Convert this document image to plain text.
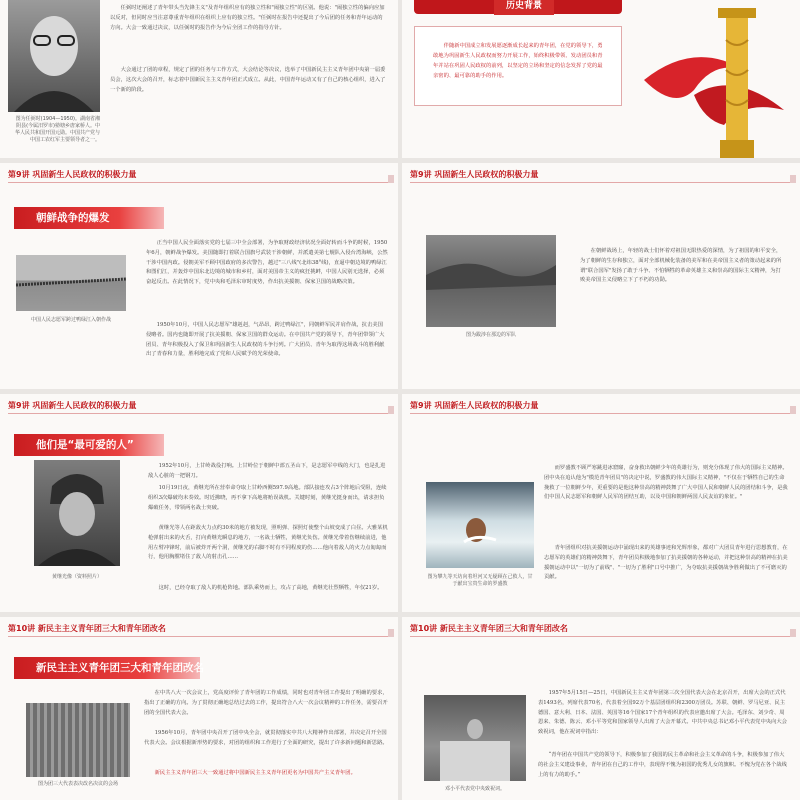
图为任弼时(1904—1950)。湖南省湘阴县(今属汨罗市)塾塘乡唐家桥人。中华人民共和国开国元勋。中国共产党与中国工农红军主要领导者之一。
任弼时还阐述了青年带头当先锋主义"及青年组织应有的独立性和"闹独立性"的区别。他说："闹独立性的偏向应加以反对，但同时应当注意尊重青年组织在组织上应有的独立性。"任弼时在报告中还提出了今后团的任务和青年运动的方向。大会一致通过决议，以任弼时的报告作为今后全团工作的指导方针。
大会通过了团的章程，规定了团的任务与工作方式，大会结论等决议，选举了中国新民主主义青年团中央第一届委员会，这次大会的召开，标志着中国新民主主义青年团正式成立。从此，中国青年运动又有了自己的核心组织，进入了一个新的阶段。
历史背景
伴随新中国成立和发展愿逐渐成长起来的青年团，在党的领导下，勇敢地为巩固新生人民政权而努力开展工作，始终积极带领、发动团员和青年并站在巩固人民政权的前列，以坚定的立场和坚定的信念发挥了党的最亲密的、最可靠的助手的作用。
第9讲 巩固新生人民政权的积极力量
朝鲜战争的爆发
中国人民志愿军跨过鸭绿江入朝作战
正当中国人民全面落实党的七届三中全会部署，为争取财政经济状况全面好转而斗争的时候，1950年6月，朝鲜战争爆发。美国随即打着联合国旗号武装干涉朝鲜，并派遣美第七舰队入侵台湾海峡，公然干涉中国内政。侵朝美军不顾中国政府的多次警告，越过"三八线"(北纬38°线)，直逼中朝边境的鸭绿江和图们江，并轰炸中国东北边境的城市和乡村，面对美国帝主义的疯狂挑衅，中国人民别无选择，必须奋起反击。在此情况下，党中央和毛泽东审时度势，作出抗美援朝、保家卫国的战略决策。
1950年10月，中国人民志愿军"雄赳赳，气昂昂，跨过鸭绿江"，同朝鲜军民并肩作战，抗击美国侵略者。国内也随即开展了抗美援朝、保家卫国的群众运动。在中国共产党的领导下，青年团带领广大团员、青年积极投入了保卫和巩固新生人民政权的斗争行列。广大团员、青年为取得这场战斗的胜利献出了青春和力量，胜利地完成了党和人民赋予的光荣使命。
第9讲 巩固新生人民政权的积极力量
图为跋涉在那边的军队
在朝鲜战场上，年轻的战士们怀着对祖国无限热爱的深情，为了祖国的和平安全，为了朝鲜的生存和独立，面对全部机械化装备的美军和在美帝国主义者的策动起来的所谓"联合国军"发扬了敢于斗争、不怕牺牲的革命英雄主义和崇高的国际主义精神，为打败美帝国主义侵略立下了不朽的功勋。
第9讲 巩固新生人民政权的积极力量
他们是“最可爱的人”
黄继光像（资料照片）
1952年10月，上甘岭战役打响。上甘岭位于朝鲜中部五圣山下，是志愿军中线的大门，也是扎进敌人心脏的一把钢刀。
10月19日夜，黄继光所在营奉命夺取上甘岭西侧597.9高地。部队接连攻占3个阵地后受阻，连续组织3次爆破均未奏效。时近拂晓，再不拿下高地将贻误战机。关键时刻，黄继光挺身而出，请求担负爆破任务，带领两名战士突破。
黄继光等人在距敌火力点约30米的地方被发现，照明弹、探照灯使整个山坡变成了白昼。大雅某机枪弹射出来的火舌，打向黄继光瞬息的地方，一名战士牺牲，黄继光负伤。黄继光带着伤继续前进，他用左臂冲锋时，前后被炸开两个洞，黄继光的右脚不时有不同程度的伤……他向着敌人的火力点匍匐而行，他用胸膛堵住了敌人的射击孔……
这时，已经夺取了敌人的机枪阵地。部队乘势而上，攻占了高地，黄继光壮烈牺牲，年仅21岁。
第9讲 巩固新生人民政权的积极力量
图为攀九等天坊向着坦河又无疑顾在己救人，甘于献出宝贵生命的罗盛教
而罗盛教不顾严寒跳进冰窟窿，奋身救出朝鲜少年的英雄行为，则充分体现了伟大的国际主义精神。团中央在追认他为"模范青年团员"的决定中说，罗盛教的伟大国际主义精神，"不仅在于牺牲自己的生命挽救了一位朝鲜少年，更重要的是他这种崇高的精神鼓舞了广大中国人民和朝鲜人民的团结和斗争，是我们中国人民志愿军和朝鲜人民军的团结互助，以及中国和朝鲜两国人民友谊的象征。"
青年团组织对抗美援朝运动中涌现出来的英雄事迹和光辉形象，都对广大团员青年进行思想教育，在志愿军的英雄们的精神鼓舞下，青年团员积极地参加了抗美援朝的各种运动，并把这种崇高的精神在抗美援朝运动中以"一切为了前线"、"一切为了胜利"口号中推广，为夺取抗美援朝战争胜利做出了不可磨灭的贡献。
第10讲 新民主主义青年团三大和青年团改名
新民主主义青年团三大和青年团改名
图为团三大代表表决改名决议的会场
在中共八大一次会议上，党高度评价了青年团的工作成绩，同时也对青年团工作提出了明确的要求，指出了正确的方向。为了贯彻正确地总结过去的工作，提出符合八大一次会议精神的工作任务，需要召开团的全国代表大会。
1956年10月，青年团中央召开了团中央全会，就贯彻落实中共八大精神作出部署，并决定召开全国代表大会。会议根据新形势的要求，对团的组织和工作进行了全面的研究，提出了许多新问题和新思路。
新民主主义青年团三大一致通过将中国新民主主义青年团更名为中国共产主义青年团。
第10讲 新民主主义青年团三大和青年团改名
邓小平代表党中央致祝词。
1957年5月15日—25日，中国新民主主义青年团第三次全国代表大会在北京召开，出席大会的正式代表1493名，列席代表70名，代表着全国92万个基层团组织和2300万团员。苏联、朝鲜、罗马尼亚、民主德国、意大利、日本、法国、英国等16个国家17个青年组织的代表应邀出席了大会。毛泽东、刘少奇、周恩来、朱德、陈云、邓小平等党和国家领导人出席了大会开幕式。中共中央总书记邓小平代表党中央向大会致祝词，他在祝词中指出：
“青年团在中国共产党的领导下，积极参加了我国的民主革命和社会主义革命的斗争，积极参加了伟大的社会主义建设事业，青年团在自己的工作中，表现得不愧为祖国的优秀儿女的旗帜。不愧为党在各个战线上的有力的助手。”
